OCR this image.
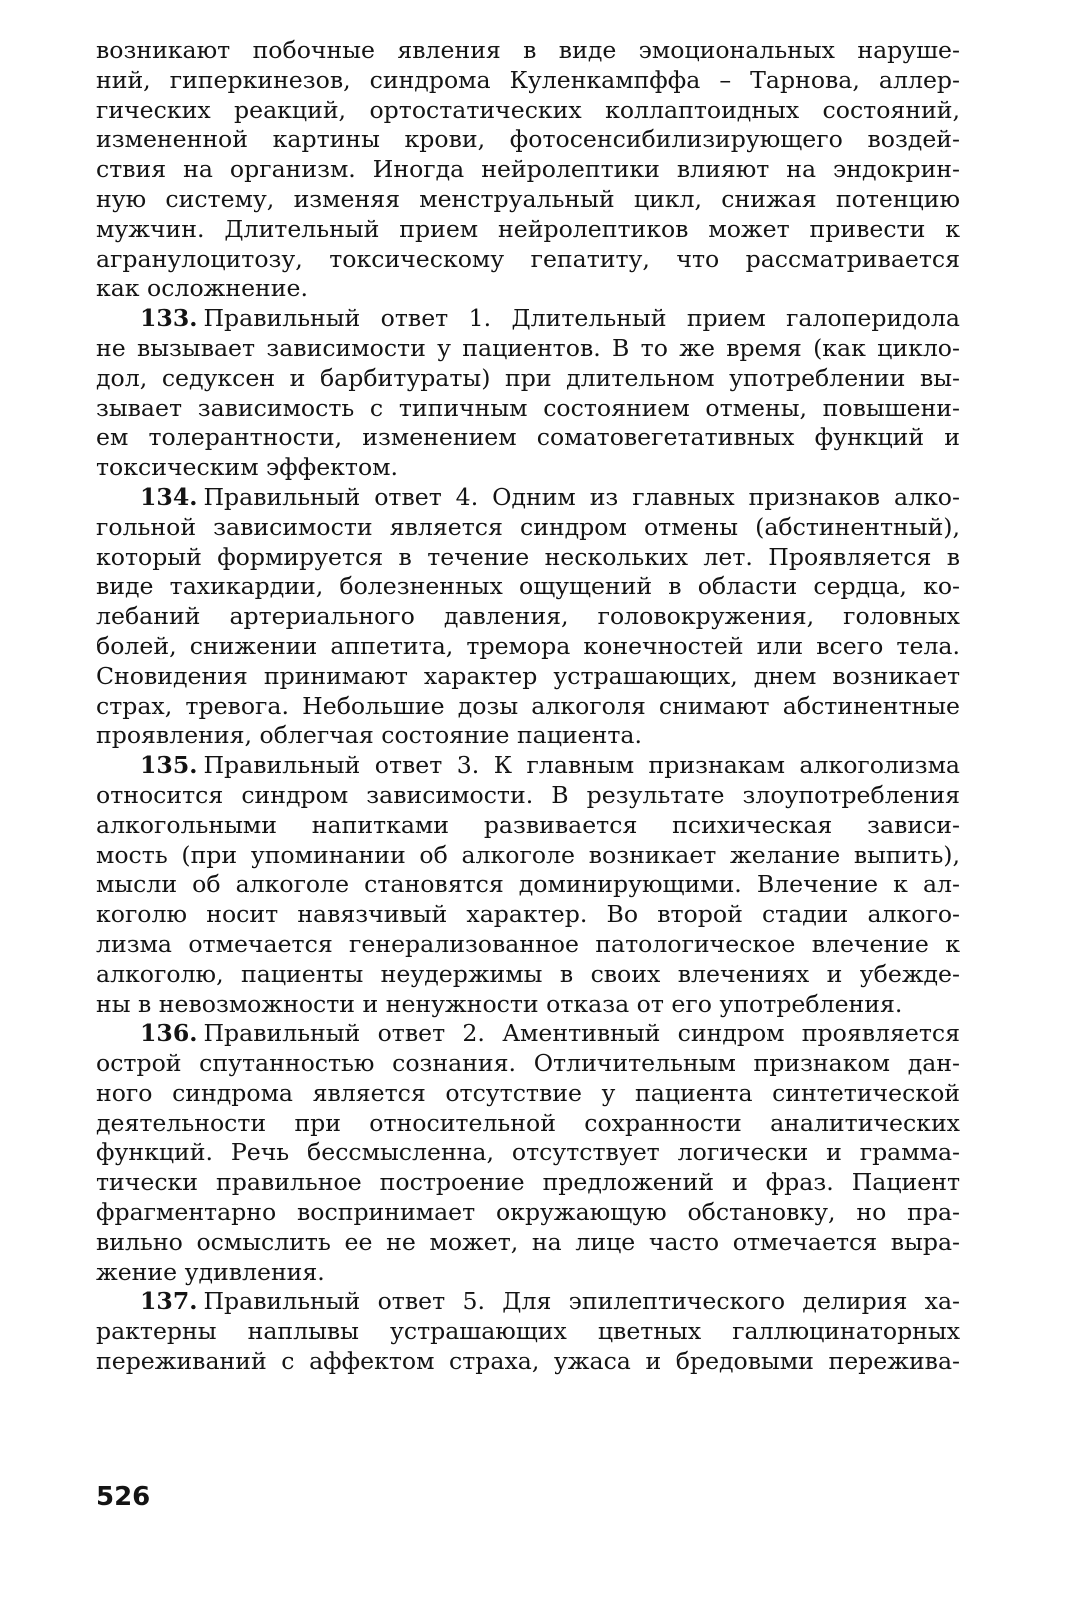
возникают побочные явления в виде эмоциональных наруше-
ний, гиперкинезов, синдрома Куленкампффа – Тарнова, аллер-
гических реакций, ортостатических коллаптоидных состояний,
измененной картины крови, фотосенсибилизирующего воздей-
ствия на организм. Иногда нейролептики влияют на эндокрин-
ную систему, изменяя менструальный цикл, снижая потенцию
мужчин. Длительный прием нейролептиков может привести к
агранулоцитозу, токсическому гепатиту, что рассматривается
как осложнение.
133. Правильный ответ 1. Длительный прием галоперидола
не вызывает зависимости у пациентов. В то же время (как цикло-
дол, седуксен и барбитураты) при длительном употреблении вы-
зывает зависимость с типичным состоянием отмены, повышени-
ем толерантности, изменением соматовегетативных функций и
токсическим эффектом.
134. Правильный ответ 4. Одним из главных признаков алко-
гольной зависимости является синдром отмены (абстинентный),
который формируется в течение нескольких лет. Проявляется в
виде тахикардии, болезненных ощущений в области сердца, ко-
лебаний артериального давления, головокружения, головных
болей, снижении аппетита, тремора конечностей или всего тела.
Сновидения принимают характер устрашающих, днем возникает
страх, тревога. Небольшие дозы алкоголя снимают абстинентные
проявления, облегчая состояние пациента.
135. Правильный ответ 3. К главным признакам алкоголизма
относится синдром зависимости. В результате злоупотребления
алкогольными напитками развивается психическая зависи-
мость (при упоминании об алкоголе возникает желание выпить),
мысли об алкоголе становятся доминирующими. Влечение к ал-
коголю носит навязчивый характер. Во второй стадии алкого-
лизма отмечается генерализованное патологическое влечение к
алкоголю, пациенты неудержимы в своих влечениях и убежде-
ны в невозможности и ненужности отказа от его употребления.
136. Правильный ответ 2. Аментивный синдром проявляется
острой спутанностью сознания. Отличительным признаком дан-
ного синдрома является отсутствие у пациента синтетической
деятельности при относительной сохранности аналитических
функций. Речь бессмысленна, отсутствует логически и грамма-
тически правильное построение предложений и фраз. Пациент
фрагментарно воспринимает окружающую обстановку, но пра-
вильно осмыслить ее не может, на лице часто отмечается выра-
жение удивления.
137. Правильный ответ 5. Для эпилептического делирия ха-
рактерны наплывы устрашающих цветных галлюцинаторных
переживаний с аффектом страха, ужаса и бредовыми пережива-
526
